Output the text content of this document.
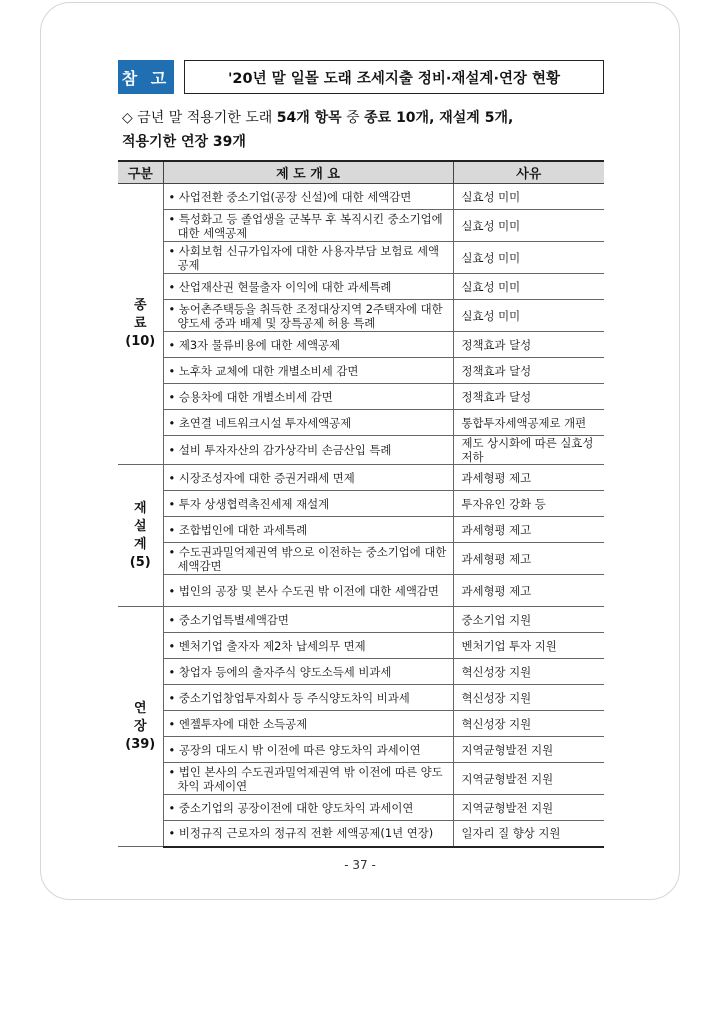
참 고	'20년 말 일몰 도래 조세지출 정비·재설계·연장 현황
◇ 금년 말 적용기한 도래 54개 항목 중 종료 10개, 재설계 5개,
적용기한 연장 39개
구분	제 도 개 요	사유

종
료
(10)	• 사업전환 중소기업(공장 신설)에 대한 세액감면	실효성 미미

	• 특성화고 등 졸업생을 군복무 후 복직시킨 중소기업에 대한 세액공제	실효성 미미

	• 사회보험 신규가입자에 대한 사용자부담 보험료 세액공제	실효성 미미

	• 산업재산권 현물출자 이익에 대한 과세특례	실효성 미미

	• 농어촌주택등을 취득한 조정대상지역 2주택자에 대한 양도세 중과 배제 및 장특공제 허용 특례	실효성 미미

	• 제3자 물류비용에 대한 세액공제	정책효과 달성

	• 노후차 교체에 대한 개별소비세 감면	정책효과 달성

	• 승용차에 대한 개별소비세 감면	정책효과 달성

	• 초연결 네트워크시설 투자세액공제	통합투자세액공제로 개편

	• 설비 투자자산의 감가상각비 손금산입 특례	제도 상시화에 따른 실효성 저하

재
설
계
(5)	• 시장조성자에 대한 증권거래세 면제	과세형평 제고

	• 투자 상생협력촉진세제 재설계	투자유인 강화 등

	• 조합법인에 대한 과세특례	과세형평 제고

	• 수도권과밀억제권역 밖으로 이전하는 중소기업에 대한 세액감면	과세형평 제고

	• 법인의 공장 및 본사 수도권 밖 이전에 대한 세액감면	과세형평 제고

연
장
(39)	• 중소기업특별세액감면	중소기업 지원

	• 벤처기업 출자자 제2차 납세의무 면제	벤처기업 투자 지원

	• 창업자 등에의 출자주식 양도소득세 비과세	혁신성장 지원

	• 중소기업창업투자회사 등 주식양도차익 비과세	혁신성장 지원

	• 엔젤투자에 대한 소득공제	혁신성장 지원

	• 공장의 대도시 밖 이전에 따른 양도차익 과세이연	지역균형발전 지원

	• 법인 본사의 수도권과밀억제권역 밖 이전에 따른 양도차익 과세이연	지역균형발전 지원

	• 중소기업의 공장이전에 대한 양도차익 과세이연	지역균형발전 지원

	• 비정규직 근로자의 정규직 전환 세액공제(1년 연장)	일자리 질 향상 지원
- 37 -
